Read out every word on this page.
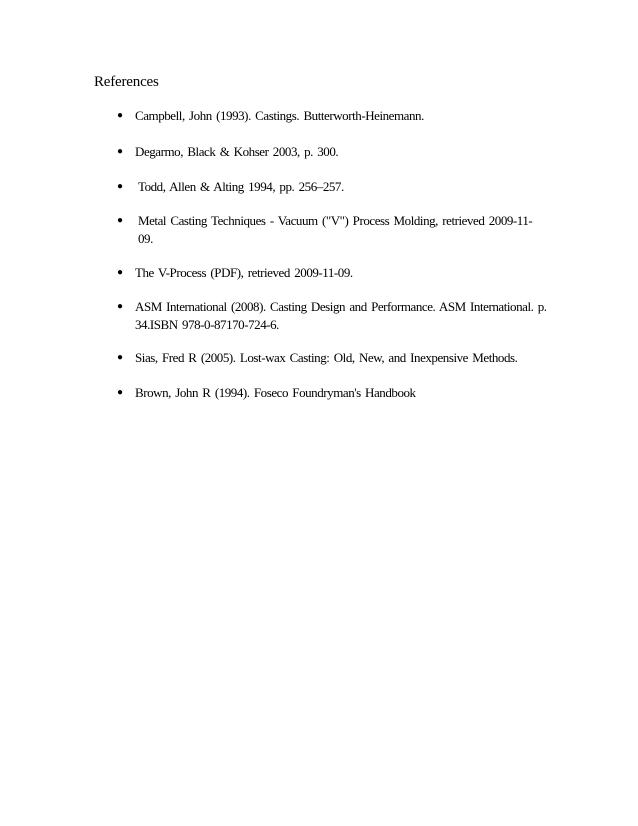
References
● Campbell, John (1993). Castings. Butterworth-Heinemann.
● Degarmo, Black & Kohser 2003, p. 300.
● Todd, Allen & Alting 1994, pp. 256–257.
● Metal Casting Techniques - Vacuum ("V") Process Molding, retrieved 2009-11-09.
● The V-Process (PDF), retrieved 2009-11-09.
● ASM International (2008). Casting Design and Performance. ASM International. p. 34.ISBN 978-0-87170-724-6.
● Sias, Fred R (2005). Lost-wax Casting: Old, New, and Inexpensive Methods.
● Brown, John R (1994). Foseco Foundryman's Handbook
